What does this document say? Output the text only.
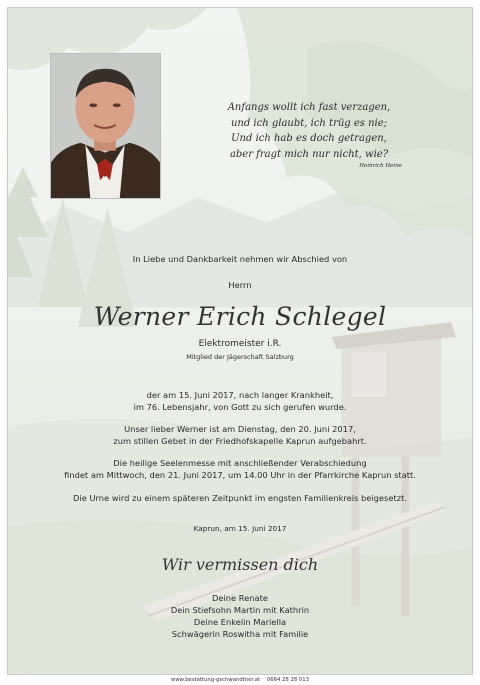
Anfangs wollt ich fast verzagen,
und ich glaubt, ich trüg es nie;
Und ich hab es doch getragen,
aber fragt mich nur nicht, wie?
Heinrich Heine
In Liebe und Dankbarkeit nehmen wir Abschied von
Herrn
Werner Erich Schlegel
Elektromeister i.R.
Mitglied der Jägerschaft Salzburg
der am 15. Juni 2017, nach langer Krankheit,
im 76. Lebensjahr, von Gott zu sich gerufen wurde.
Unser lieber Werner ist am Dienstag, den 20. Juni 2017,
zum stillen Gebet in der Friedhofskapelle Kaprun aufgebahrt.
Die heilige Seelenmesse mit anschließender Verabschiedung
findet am Mittwoch, den 21. Juni 2017, um 14.00 Uhr in der Pfarrkirche Kaprun statt.
Die Urne wird zu einem späteren Zeitpunkt im engsten Familienkreis beigesetzt.
Kaprun, am 15. Juni 2017
Wir vermissen dich
Deine Renate
Dein Stiefsohn Martin mit Kathrin
Deine Enkelin Mariella
Schwägerin Roswitha mit Familie
www.bestattung-gschwandtner.at 0664 28 28 013
